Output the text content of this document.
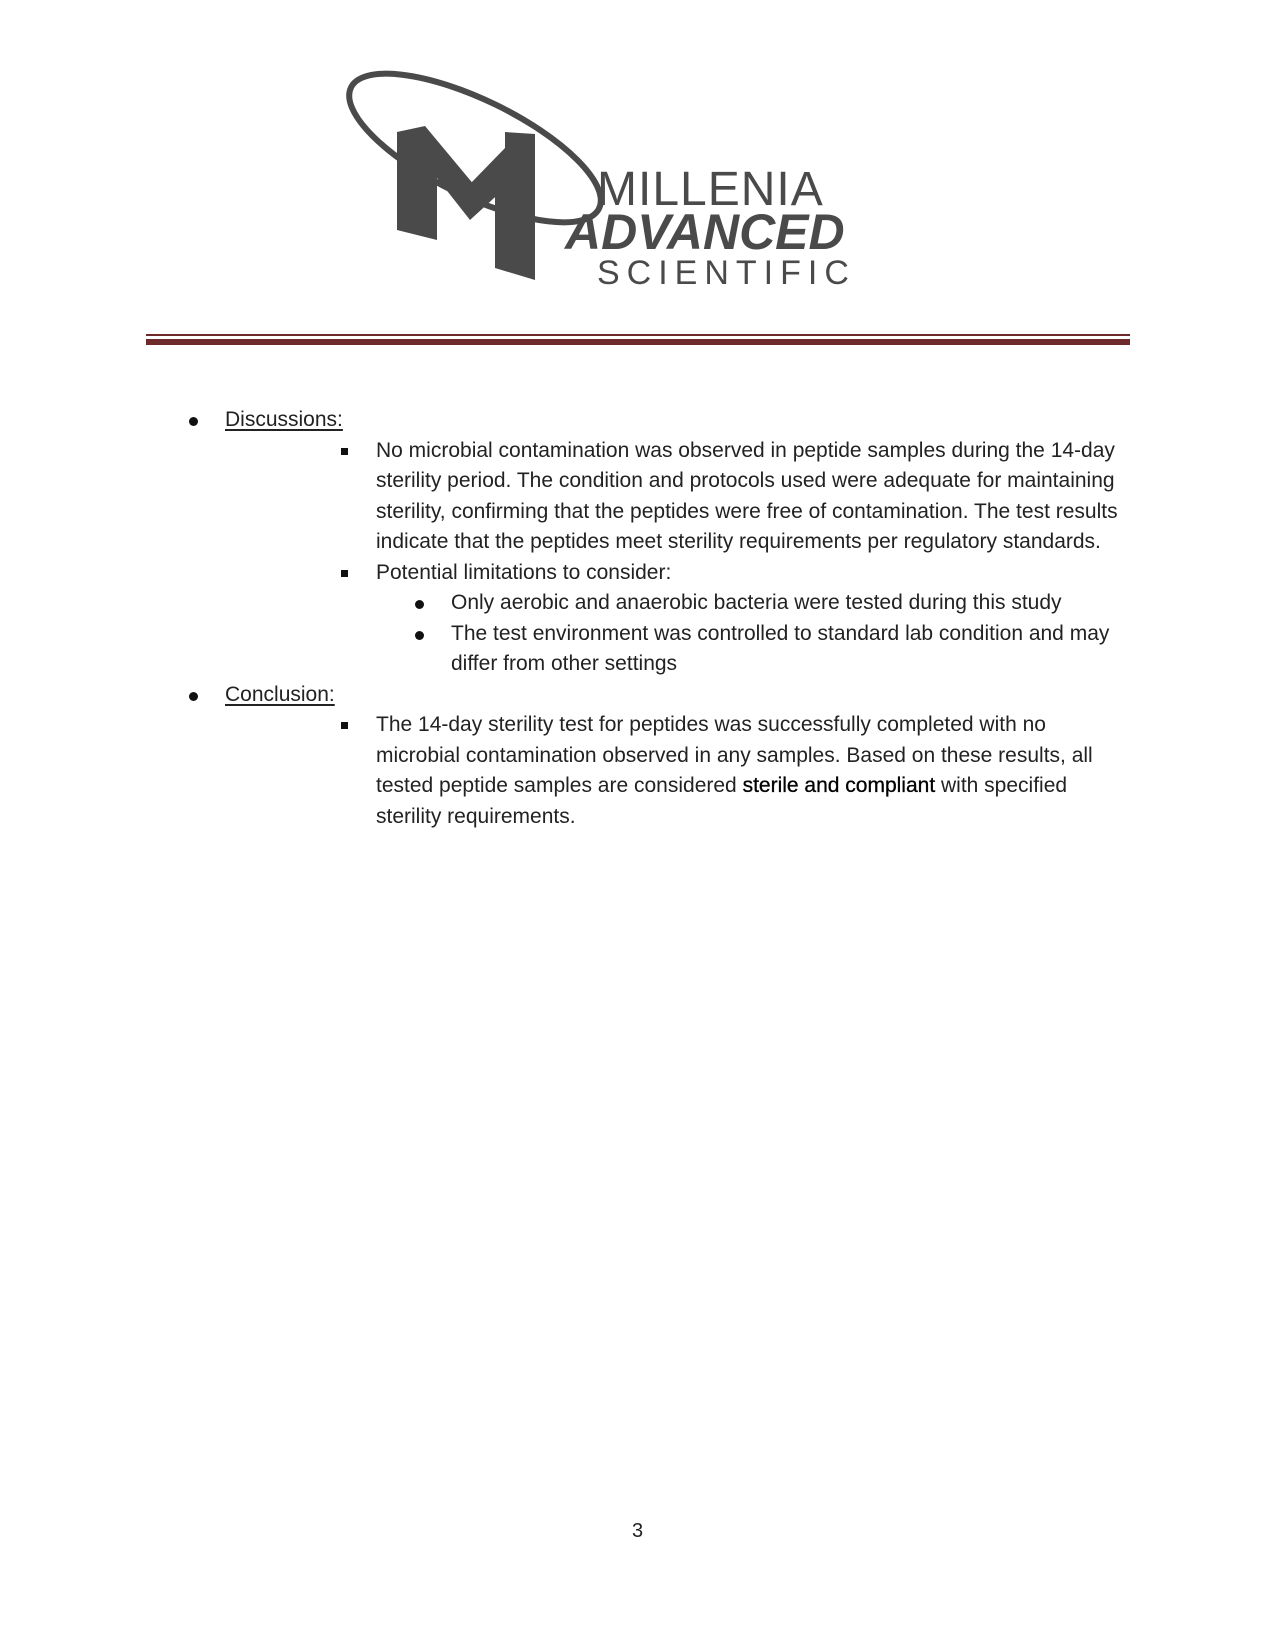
MILLENIA
ADVANCED
SCIENTIFIC
Discussions:
No microbial contamination was observed in peptide samples during the 14-day sterility period. The condition and protocols used were adequate for maintaining sterility, confirming that the peptides were free of contamination. The test results indicate that the peptides meet sterility requirements per regulatory standards.
Potential limitations to consider:
Only aerobic and anaerobic bacteria were tested during this study
The test environment was controlled to standard lab condition and may differ from other settings
Conclusion:
The 14-day sterility test for peptides was successfully completed with no microbial contamination observed in any samples. Based on these results, all tested peptide samples are considered sterile and compliant with specified sterility requirements.
3
